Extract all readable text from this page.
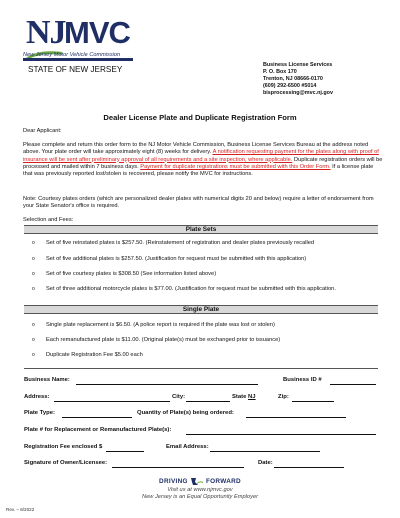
NJ
MVC
New Jersey Motor Vehicle Commission
STATE OF NEW JERSEY	Business License Services
P. O. Box 170
Trenton, NJ 08666-0170
(609) 292-6500 #5014
bisprocessing@mvc.nj.gov
Dealer License Plate and Duplicate Registration Form
Dear Applicant:
Please complete and return this order form to the NJ Motor Vehicle Commission, Business License Services Bureau at the address noted above. Your plate order will take approximately eight (8) weeks for delivery. A notification requesting payment for the plates along with proof of insurance will be sent after preliminary approval of all requirements and a site inspection, where applicable. Duplicate registration orders will be processed and mailed within 7 business days. Payment for duplicate registrations must be submitted with this Order Form. If a license plate that was previously reported lost/stolen is recovered, please notify the MVC for instructions.
Note: Courtesy plates orders (which are personalized dealer plates with numerical digits 20 and below) require a letter of endorsement from your State Senator's office is required.
Selection and Fees:
Plate Sets
o	Set of five reinstated plates is $257.50. (Reinstatement of registration and dealer plates previously recalled
o	Set of five additional plates is $257.50. (Justification for request must be submitted with this application)
o	Set of five courtesy plates is $308.50 (See information listed above)
o	Set of three additional motorcycle plates is $77.00. (Justification for request must be submitted with this application.
Single Plate
o	Single plate replacement is $6.50. (A police report is required if the plate was lost or stolen)
o	Each remanufactured plate is $11.00. (Original plate(s) must be exchanged prior to issuance)
o	Duplicate Registration Fee $5.00 each
Business Name:	Business ID #
Address:	City:	State NJ	Zip:
Plate Type:	Quantity of Plate(s) being ordered:
Plate # for Replacement or Remanufactured Plate(s):
Registration Fee enclosed $	Email Address:
Signature of Owner/Licensee:	Date:
DRIVING	FORWARD
Visit us at www.njmvc.gov
New Jersey is an Equal Opportunity Employer
Rev. – 6/2022
